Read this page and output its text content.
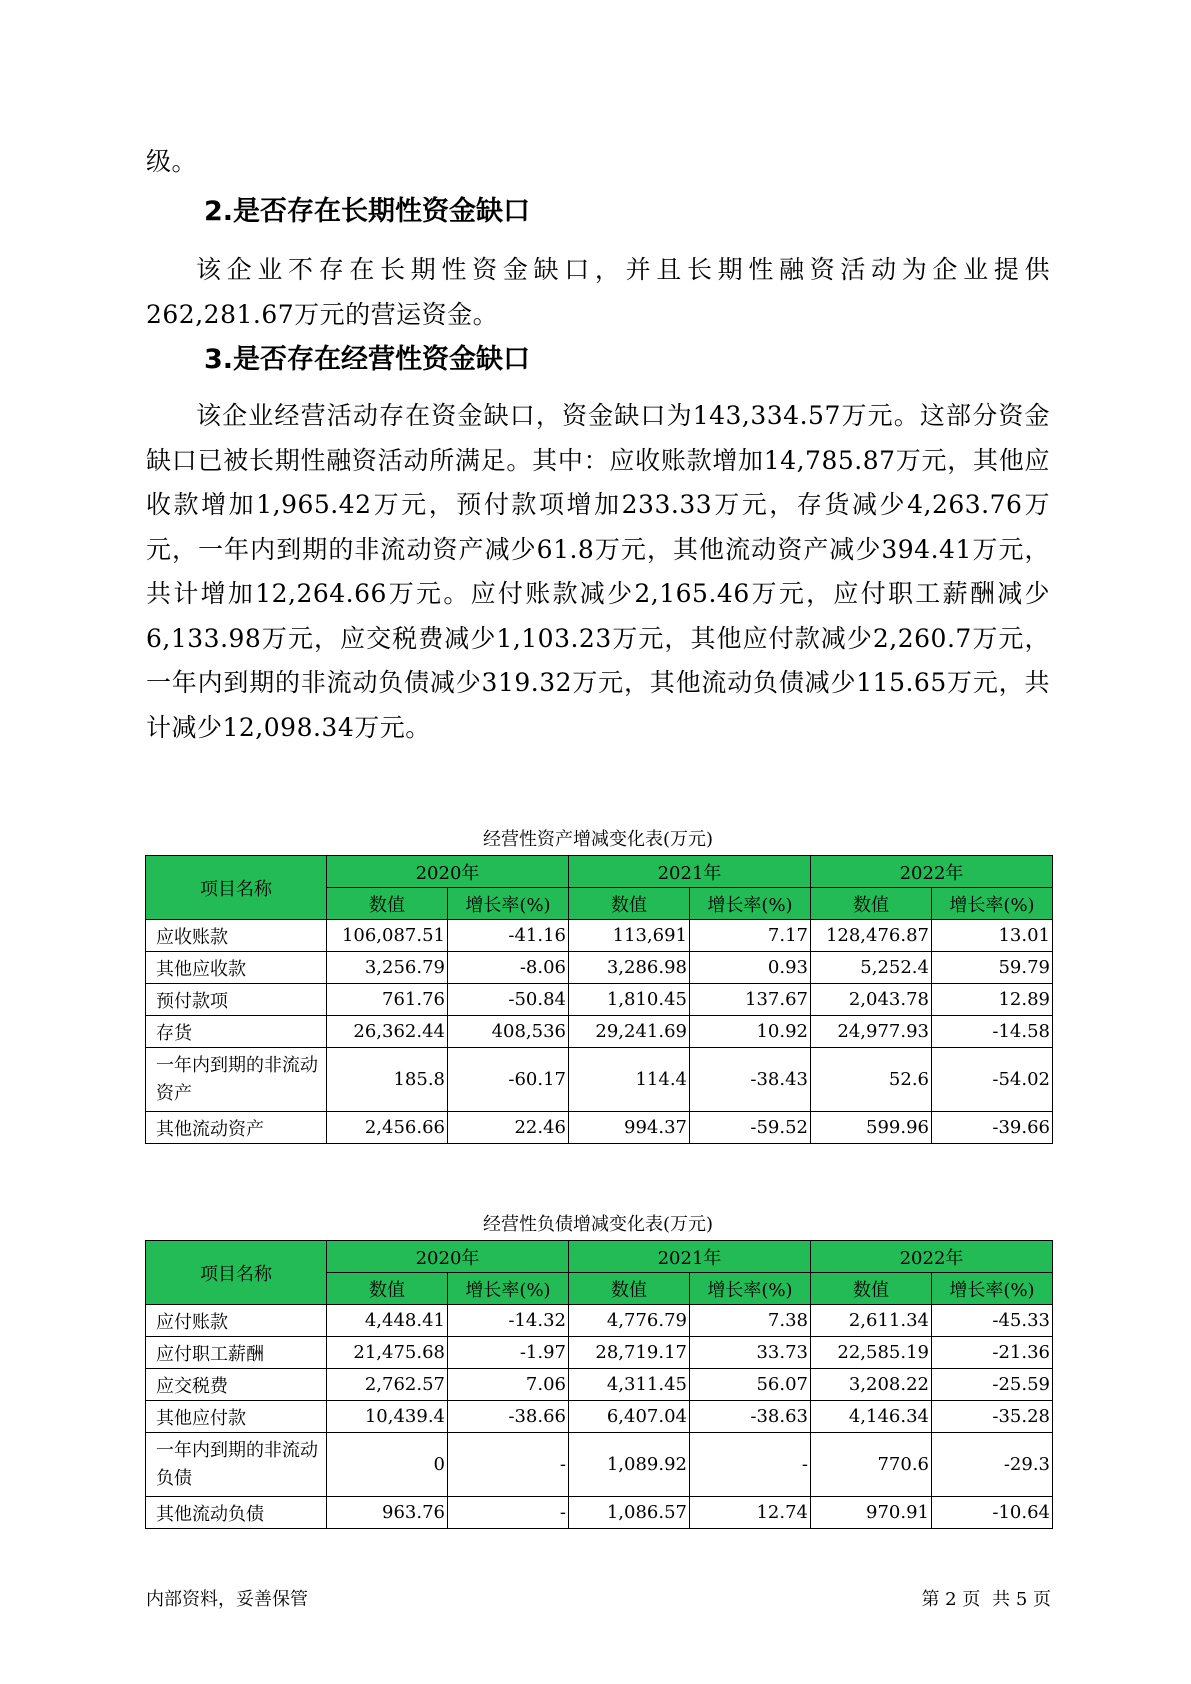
级。

2.是否存在长期性资金缺口

该企业不存在长期性资金缺口，并且长期性融资活动为企业提供262,281.67万元的营运资金。

3.是否存在经营性资金缺口

该企业经营活动存在资金缺口，资金缺口为143,334.57万元。这部分资金缺口已被长期性融资活动所满足。其中：应收账款增加14,785.87万元，其他应收款增加1,965.42万元，预付款项增加233.33万元，存货减少4,263.76万元，一年内到期的非流动资产减少61.8万元，其他流动资产减少394.41万元，共计增加12,264.66万元。应付账款减少2,165.46万元，应付职工薪酬减少6,133.98万元，应交税费减少1,103.23万元，其他应付款减少2,260.7万元，一年内到期的非流动负债减少319.32万元，其他流动负债减少115.65万元，共计减少12,098.34万元。

经营性资产增减变化表(万元)

项目名称	2020年		2021年		2022年	
	数值	增长率(%)	数值	增长率(%)	数值	增长率(%)
应收账款	106,087.51	-41.16	113,691	7.17	128,476.87	13.01
其他应收款	3,256.79	-8.06	3,286.98	0.93	5,252.4	59.79
预付款项	761.76	-50.84	1,810.45	137.67	2,043.78	12.89
存货	26,362.44	408,536	29,241.69	10.92	24,977.93	-14.58
一年内到期的非流动资产	185.8	-60.17	114.4	-38.43	52.6	-54.02
其他流动资产	2,456.66	22.46	994.37	-59.52	599.96	-39.66

经营性负债增减变化表(万元)

项目名称	2020年		2021年		2022年	
	数值	增长率(%)	数值	增长率(%)	数值	增长率(%)
应付账款	4,448.41	-14.32	4,776.79	7.38	2,611.34	-45.33
应付职工薪酬	21,475.68	-1.97	28,719.17	33.73	22,585.19	-21.36
应交税费	2,762.57	7.06	4,311.45	56.07	3,208.22	-25.59
其他应付款	10,439.4	-38.66	6,407.04	-38.63	4,146.34	-35.28
一年内到期的非流动负债	0	-	1,089.92	-	770.6	-29.3
其他流动负债	963.76	-	1,086.57	12.74	970.91	-10.64

内部资料，妥善保管	第 2 页 共 5 页
